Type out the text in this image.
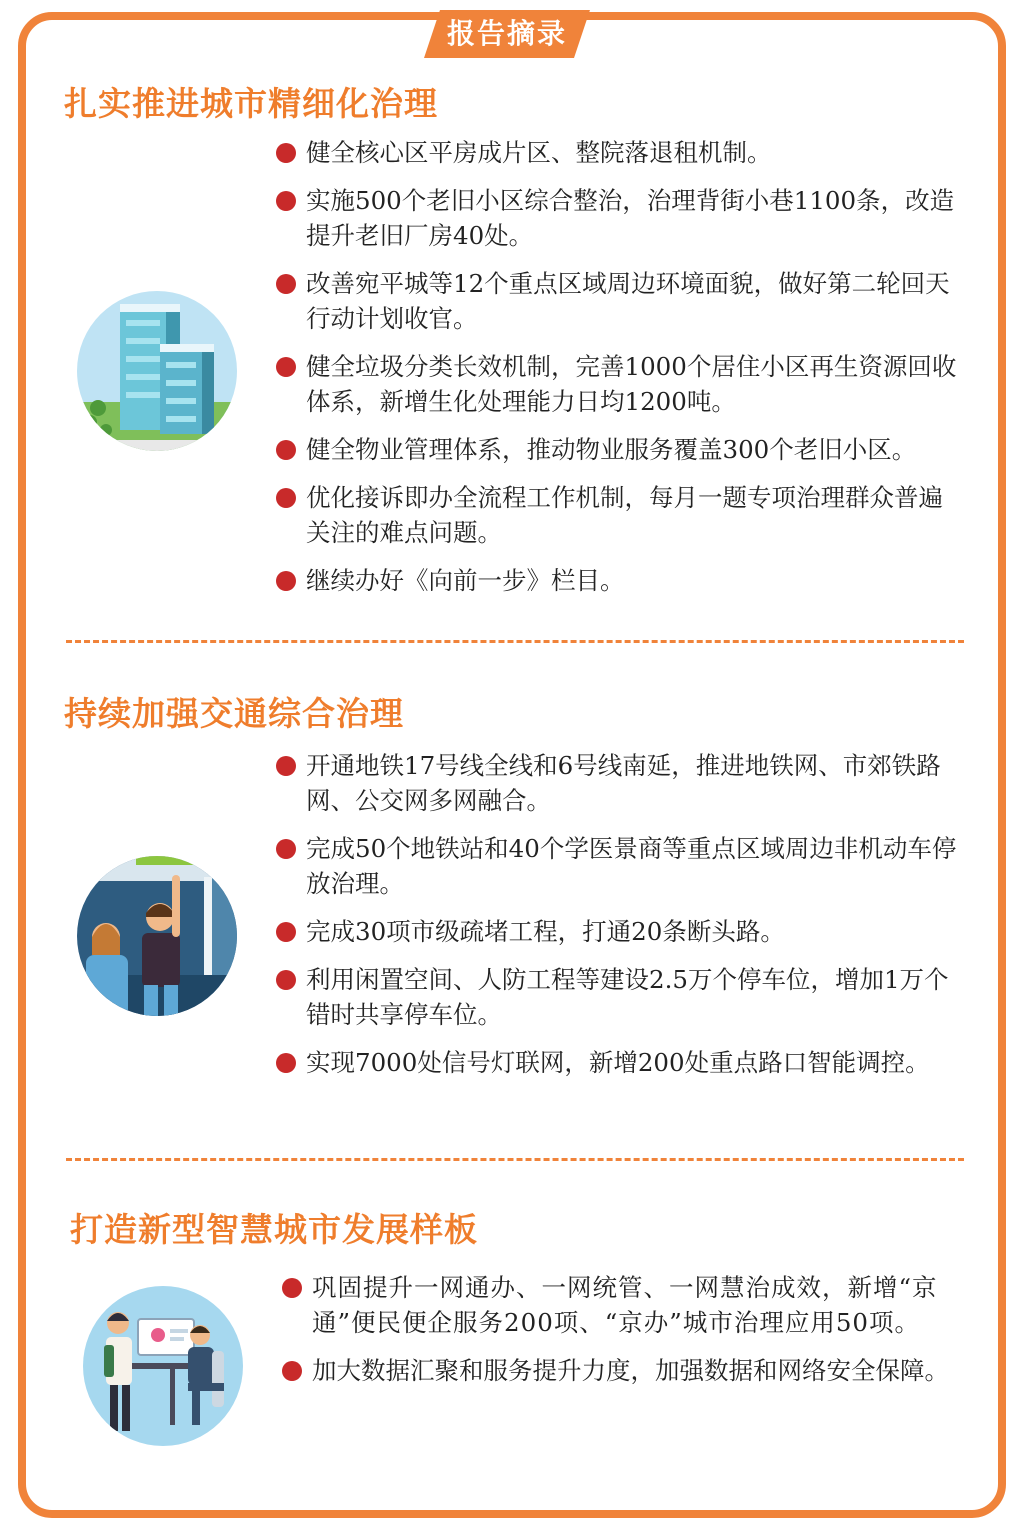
报告摘录
扎实推进城市精细化治理
健全核心区平房成片区、整院落退租机制。
实施500个老旧小区综合整治，治理背街小巷1100条，改造提升老旧厂房40处。
改善宛平城等12个重点区域周边环境面貌，做好第二轮回天行动计划收官。
健全垃圾分类长效机制，完善1000个居住小区再生资源回收体系，新增生化处理能力日均1200吨。
健全物业管理体系，推动物业服务覆盖300个老旧小区。
优化接诉即办全流程工作机制，每月一题专项治理群众普遍关注的难点问题。
继续办好《向前一步》栏目。
持续加强交通综合治理
开通地铁17号线全线和6号线南延，推进地铁网、市郊铁路网、公交网多网融合。
完成50个地铁站和40个学医景商等重点区域周边非机动车停放治理。
完成30项市级疏堵工程，打通20条断头路。
利用闲置空间、人防工程等建设2.5万个停车位，增加1万个错时共享停车位。
实现7000处信号灯联网，新增200处重点路口智能调控。
打造新型智慧城市发展样板
巩固提升一网通办、一网统管、一网慧治成效，新增“京通”便民便企服务200项、“京办”城市治理应用50项。
加大数据汇聚和服务提升力度，加强数据和网络安全保障。
